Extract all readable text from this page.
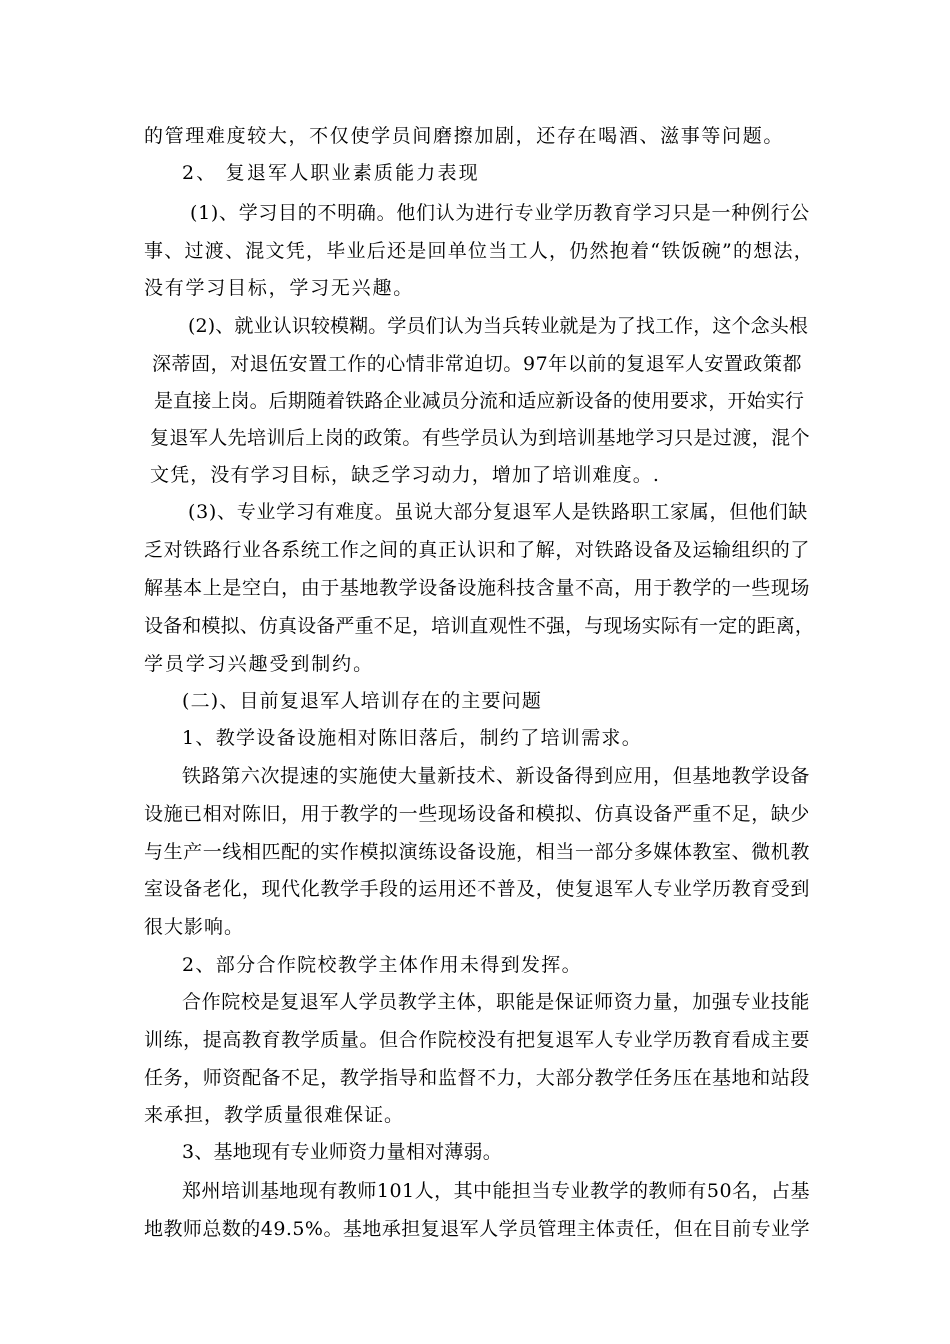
的管理难度较大，不仅使学员间磨擦加剧，还存在喝酒、滋事等问题。
2、 复退军人职业素质能力表现
(1)、学习目的不明确。他们认为进行专业学历教育学习只是一种例行公
事、过渡、混文凭，毕业后还是回单位当工人，仍然抱着“铁饭碗”的想法，
没有学习目标，学习无兴趣。
(2)、就业认识较模糊。学员们认为当兵转业就是为了找工作，这个念头根
深蒂固，对退伍安置工作的心情非常迫切。97年以前的复退军人安置政策都
是直接上岗。后期随着铁路企业减员分流和适应新设备的使用要求，开始实行
复退军人先培训后上岗的政策。有些学员认为到培训基地学习只是过渡，混个
文凭，没有学习目标，缺乏学习动力，增加了培训难度。.
(3)、专业学习有难度。虽说大部分复退军人是铁路职工家属，但他们缺
乏对铁路行业各系统工作之间的真正认识和了解，对铁路设备及运输组织的了
解基本上是空白，由于基地教学设备设施科技含量不高，用于教学的一些现场
设备和模拟、仿真设备严重不足，培训直观性不强，与现场实际有一定的距离，
学员学习兴趣受到制约。
(二)、目前复退军人培训存在的主要问题
1、教学设备设施相对陈旧落后，制约了培训需求。
铁路第六次提速的实施使大量新技术、新设备得到应用，但基地教学设备
设施已相对陈旧，用于教学的一些现场设备和模拟、仿真设备严重不足，缺少
与生产一线相匹配的实作模拟演练设备设施，相当一部分多媒体教室、微机教
室设备老化，现代化教学手段的运用还不普及，使复退军人专业学历教育受到
很大影响。
2、部分合作院校教学主体作用未得到发挥。
合作院校是复退军人学员教学主体，职能是保证师资力量，加强专业技能
训练，提高教育教学质量。但合作院校没有把复退军人专业学历教育看成主要
任务，师资配备不足，教学指导和监督不力，大部分教学任务压在基地和站段
来承担，教学质量很难保证。
3、基地现有专业师资力量相对薄弱。
郑州培训基地现有教师101人，其中能担当专业教学的教师有50名，占基
地教师总数的49.5%。基地承担复退军人学员管理主体责任，但在目前专业学
